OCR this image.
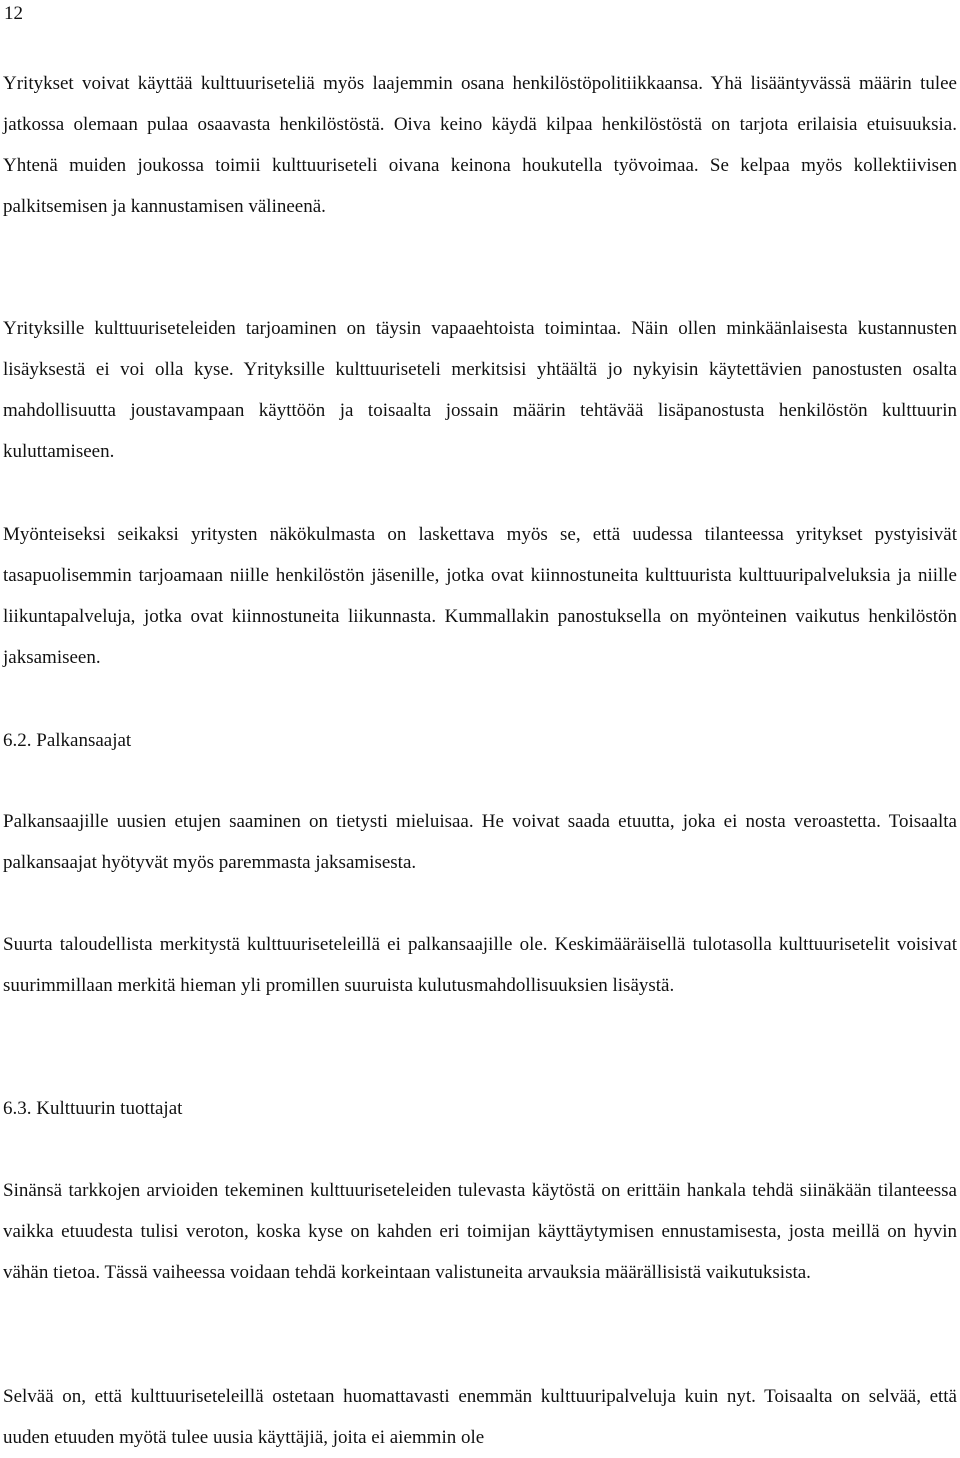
12

Yritykset voivat käyttää kulttuuriseteliä myös laajemmin osana henkilöstöpolitiikkaansa. Yhä lisääntyvässä määrin tulee jatkossa olemaan pulaa osaavasta henkilöstöstä. Oiva keino käydä kilpaa henkilöstöstä on tarjota erilaisia etuisuuksia. Yhtenä muiden joukossa toimii kulttuuriseteli oivana keinona houkutella työvoimaa. Se kelpaa myös kollektiivisen palkitsemisen ja kannustamisen välineenä.

Yrityksille kulttuuriseteleiden tarjoaminen on täysin vapaaehtoista toimintaa. Näin ollen minkäänlaisesta kustannusten lisäyksestä ei voi olla kyse. Yrityksille kulttuuriseteli merkitsisi yhtäältä jo nykyisin käytettävien panostusten osalta mahdollisuutta joustavampaan käyttöön ja toisaalta jossain määrin tehtävää lisäpanostusta henkilöstön kulttuurin kuluttamiseen.

Myönteiseksi seikaksi yritysten näkökulmasta on laskettava myös se, että uudessa tilanteessa yritykset pystyisivät tasapuolisemmin tarjoamaan niille henkilöstön jäsenille, jotka ovat kiinnostuneita kulttuurista kulttuuripalveluksia ja niille liikuntapalveluja, jotka ovat kiinnostuneita liikunnasta. Kummallakin panostuksella on myönteinen vaikutus henkilöstön jaksamiseen.

6.2. Palkansaajat

Palkansaajille uusien etujen saaminen on tietysti mieluisaa. He voivat saada etuutta, joka ei nosta veroastetta. Toisaalta palkansaajat hyötyvät myös paremmasta jaksamisesta.

Suurta taloudellista merkitystä kulttuuriseteleillä ei palkansaajille ole. Keskimääräisellä tulotasolla kulttuurisetelit voisivat suurimmillaan merkitä hieman yli promillen suuruista kulutusmahdollisuuksien lisäystä.

6.3. Kulttuurin tuottajat

Sinänsä tarkkojen arvioiden tekeminen kulttuuriseteleiden tulevasta käytöstä on erittäin hankala tehdä siinäkään tilanteessa vaikka etuudesta tulisi veroton, koska kyse on kahden eri toimijan käyttäytymisen ennustamisesta, josta meillä on hyvin vähän tietoa. Tässä vaiheessa voidaan tehdä korkeintaan valistuneita arvauksia määrällisistä vaikutuksista.

Selvää on, että kulttuuriseteleillä ostetaan huomattavasti enemmän kulttuuripalveluja kuin nyt. Toisaalta on selvää, että uuden etuuden myötä tulee uusia käyttäjiä, joita ei aiemmin ole
